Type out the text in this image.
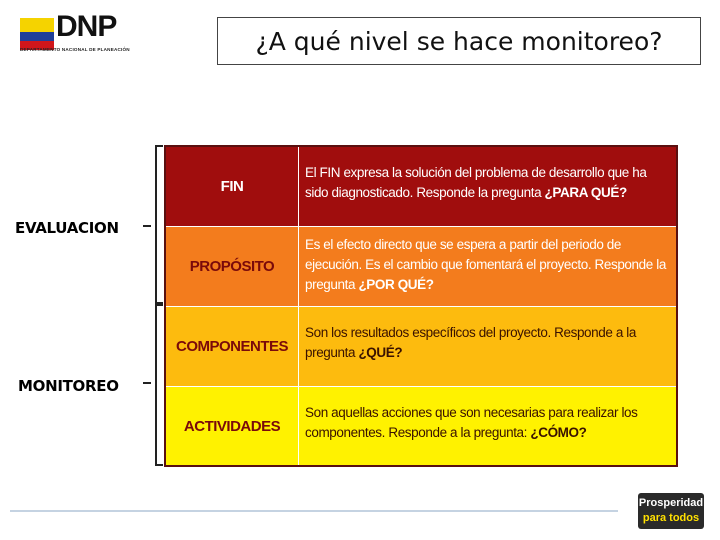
DNP
DEPARTAMENTO NACIONAL DE PLANEACIÓN	¿A qué nivel se hace monitoreo?
EVALUACION
MONITOREO
FIN
El FIN expresa la solución del problema de desarrollo que ha sido diagnosticado. Responde la pregunta ¿PARA QUÉ?
PROPÓSITO
Es el efecto directo que se espera a partir del periodo de ejecución. Es el cambio que fomentará el proyecto. Responde la pregunta ¿POR QUÉ?
COMPONENTES
Son los resultados específicos del proyecto. Responde a la pregunta ¿QUÉ?
ACTIVIDADES
Son aquellas acciones que son necesarias para realizar los componentes. Responde a la pregunta: ¿CÓMO?
Prosperidad
para todos
